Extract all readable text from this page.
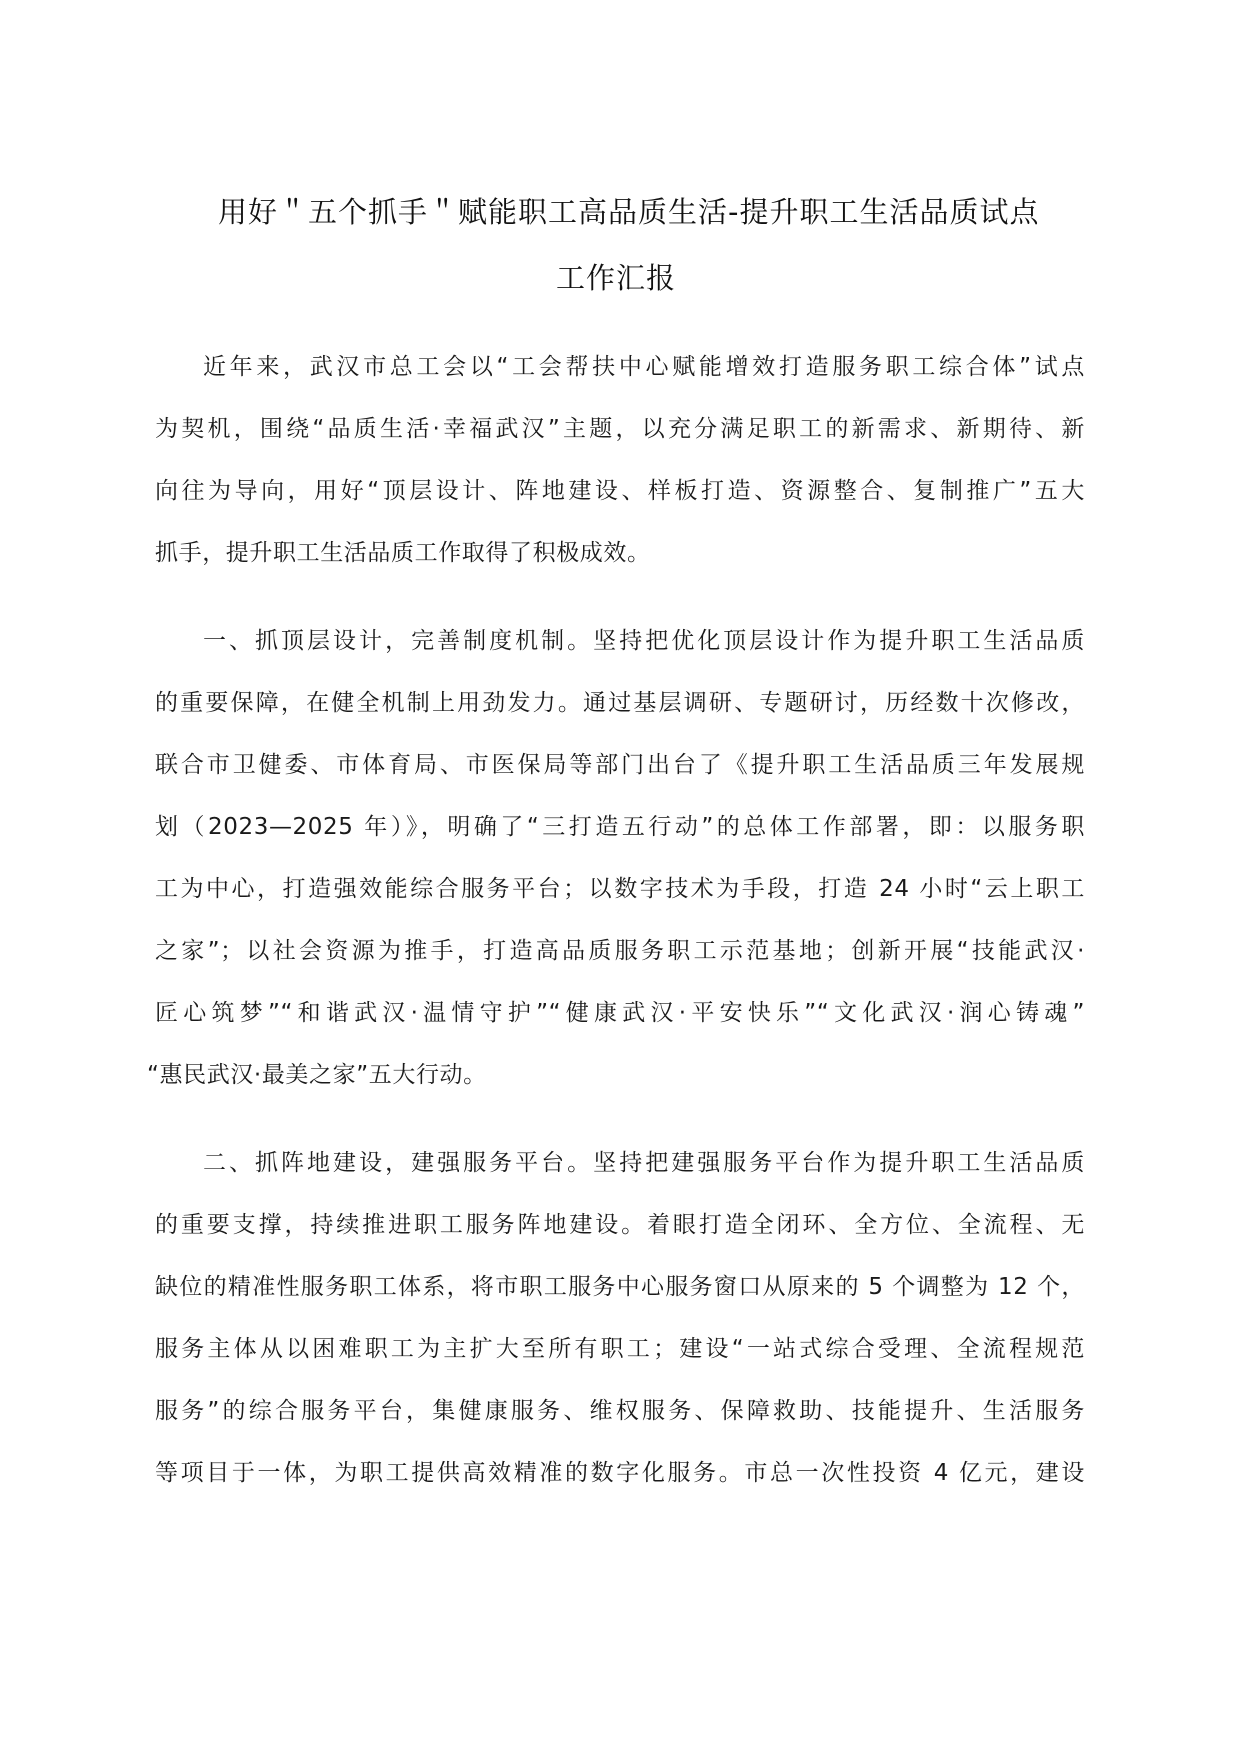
用好＂五个抓手＂赋能职工高品质生活-提升职工生活品质试点
工作汇报
近年来，武汉市总工会以“工会帮扶中心赋能增效打造服务职工综合体”试点
为契机，围绕“品质生活·幸福武汉”主题，以充分满足职工的新需求、新期待、新
向往为导向，用好“顶层设计、阵地建设、样板打造、资源整合、复制推广”五大
抓手，提升职工生活品质工作取得了积极成效。
一、抓顶层设计，完善制度机制。坚持把优化顶层设计作为提升职工生活品质
的重要保障，在健全机制上用劲发力。通过基层调研、专题研讨，历经数十次修改，
联合市卫健委、市体育局、市医保局等部门出台了《提升职工生活品质三年发展规
划（2023—2025 年）》，明确了“三打造五行动”的总体工作部署，即：以服务职
工为中心，打造强效能综合服务平台；以数字技术为手段，打造 24 小时“云上职工
之家”；以社会资源为推手，打造高品质服务职工示范基地；创新开展“技能武汉·
匠心筑梦”“和谐武汉·温情守护”“健康武汉·平安快乐”“文化武汉·润心铸魂”
“惠民武汉·最美之家”五大行动。
二、抓阵地建设，建强服务平台。坚持把建强服务平台作为提升职工生活品质
的重要支撑，持续推进职工服务阵地建设。着眼打造全闭环、全方位、全流程、无
缺位的精准性服务职工体系，将市职工服务中心服务窗口从原来的 5 个调整为 12 个，
服务主体从以困难职工为主扩大至所有职工；建设“一站式综合受理、全流程规范
服务”的综合服务平台，集健康服务、维权服务、保障救助、技能提升、生活服务
等项目于一体，为职工提供高效精准的数字化服务。市总一次性投资 4 亿元，建设
